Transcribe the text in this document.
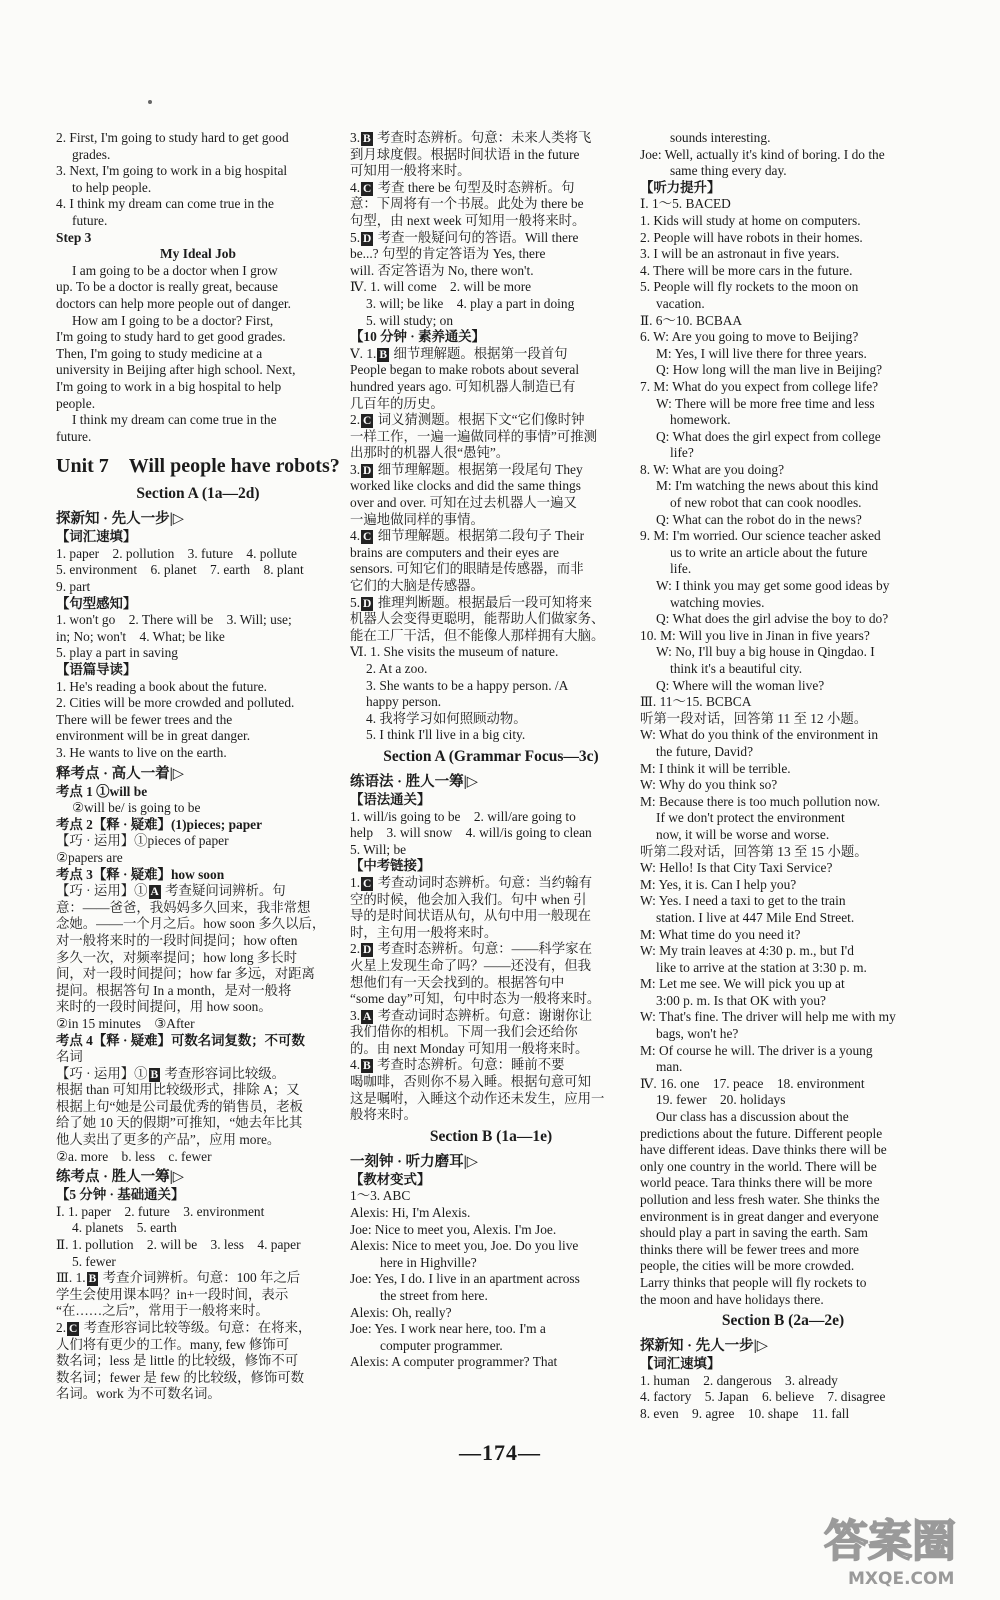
2. First, I'm going to study hard to get good
grades.
3. Next, I'm going to work in a big hospital
to help people.
4. I think my dream can come true in the
future.
Step 3
My Ideal Job
I am going to be a doctor when I grow
up. To be a doctor is really great, because
doctors can help more people out of danger.
How am I going to be a doctor? First,
I'm going to study hard to get good grades.
Then, I'm going to study medicine at a
university in Beijing after high school. Next,
I'm going to work in a big hospital to help
people.
I think my dream can come true in the
future.
Unit 7　Will people have robots?
Section A (1a—2d)
探新知 · 先人一步|▷
【词汇速填】
1. paper　2. pollution　3. future　4. pollute
5. environment　6. planet　7. earth　8. plant
9. part
【句型感知】
1. won't go　2. There will be　3. Will; use;
in; No; won't　4. What; be like
5. play a part in saving
【语篇导读】
1. He's reading a book about the future.
2. Cities will be more crowded and polluted.
There will be fewer trees and the
environment will be in great danger.
3. He wants to live on the earth.
释考点 · 高人一着|▷
考点 1 ①will be
②will be/ is going to be
考点 2【释 · 疑难】(1)pieces; paper
【巧 · 运用】①pieces of paper
②papers are
考点 3【释 · 疑难】how soon
【巧 · 运用】① A 考查疑问词辨析。句
意：——爸爸，我妈妈多久回来，我非常想
念她。——一个月之后。how soon 多久以后，
对一般将来时的一段时间提问；how often
多久一次，对频率提问；how long 多长时
间，对一段时间提问；how far 多远，对距离
提问。根据答句 In a month，是对一般将
来时的一段时间提问，用 how soon。
②in 15 minutes　③After
考点 4【释 · 疑难】可数名词复数；不可数
名词
【巧 · 运用】① B 考查形容词比较级。
根据 than 可知用比较级形式，排除 A；又
根据上句“她是公司最优秀的销售员，老板
给了她 10 天的假期”可推知，“她去年比其
他人卖出了更多的产品”，应用 more。
②a. more　b. less　c. fewer
练考点 · 胜人一筹|▷
【5 分钟 · 基础通关】
Ⅰ. 1. paper　2. future　3. environment
4. planets　5. earth
Ⅱ. 1. pollution　2. will be　3. less　4. paper
5. fewer
Ⅲ. 1. B 考查介词辨析。句意：100 年之后
学生会使用课本吗？in+一段时间，表示
“在……之后”，常用于一般将来时。
2. C 考查形容词比较等级。句意：在将来，
人们将有更少的工作。many, few 修饰可
数名词；less 是 little 的比较级，修饰不可
数名词；fewer 是 few 的比较级，修饰可数
名词。work 为不可数名词。
3. B 考查时态辨析。句意：未来人类将飞
到月球度假。根据时间状语 in the future
可知用一般将来时。
4. C 考查 there be 句型及时态辨析。句
意：下周将有一个书展。此处为 there be
句型，由 next week 可知用一般将来时。
5. D 考查一般疑问句的答语。Will there
be...? 句型的肯定答语为 Yes, there
will. 否定答语为 No, there won't.
Ⅳ. 1. will come　2. will be more
3. will; be like　4. play a part in doing
5. will study; on
【10 分钟 · 素养通关】
Ⅴ. 1. B 细节理解题。根据第一段首句
People began to make robots about several
hundred years ago. 可知机器人制造已有
几百年的历史。
2. C 词义猜测题。根据下文“它们像时钟
一样工作，一遍一遍做同样的事情”可推测
出那时的机器人很“愚钝”。
3. D 细节理解题。根据第一段尾句 They
worked like clocks and did the same things
over and over. 可知在过去机器人一遍又
一遍地做同样的事情。
4. C 细节理解题。根据第二段句子 Their
brains are computers and their eyes are
sensors. 可知它们的眼睛是传感器，而非
它们的大脑是传感器。
5. D 推理判断题。根据最后一段可知将来
机器人会变得更聪明，能帮助人们做家务、
能在工厂干活，但不能像人那样拥有大脑。
Ⅵ. 1. She visits the museum of nature.
2. At a zoo.
3. She wants to be a happy person. /A
happy person.
4. 我将学习如何照顾动物。
5. I think I'll live in a big city.
Section A (Grammar Focus—3c)
练语法 · 胜人一筹|▷
【语法通关】
1. will/is going to be　2. will/are going to
help　3. will snow　4. will/is going to clean
5. Will; be
【中考链接】
1. C 考查动词时态辨析。句意：当约翰有
空的时候，他会加入我们。句中 when 引
导的是时间状语从句，从句中用一般现在
时，主句用一般将来时。
2. D 考查时态辨析。句意：——科学家在
火星上发现生命了吗？——还没有，但我
想他们有一天会找到的。根据答句中
“some day”可知，句中时态为一般将来时。
3. A 考查动词时态辨析。句意：谢谢你让
我们借你的相机。下周一我们会还给你
的。由 next Monday 可知用一般将来时。
4. B 考查时态辨析。句意：睡前不要
喝咖啡，否则你不易入睡。根据句意可知
这是嘱咐，入睡这个动作还未发生，应用一
般将来时。
Section B (1a—1e)
一刻钟 · 听力磨耳|▷
【教材变式】
1～3. ABC
Alexis: Hi, I'm Alexis.
Joe: Nice to meet you, Alexis. I'm Joe.
Alexis: Nice to meet you, Joe. Do you live
here in Highville?
Joe: Yes, I do. I live in an apartment across
the street from here.
Alexis: Oh, really?
Joe: Yes. I work near here, too. I'm a
computer programmer.
Alexis: A computer programmer? That
sounds interesting.
Joe: Well, actually it's kind of boring. I do the
same thing every day.
【听力提升】
Ⅰ. 1～5. BACED
1. Kids will study at home on computers.
2. People will have robots in their homes.
3. I will be an astronaut in five years.
4. There will be more cars in the future.
5. People will fly rockets to the moon on
vacation.
Ⅱ. 6～10. BCBAA
6. W: Are you going to move to Beijing?
M: Yes, I will live there for three years.
Q: How long will the man live in Beijing?
7. M: What do you expect from college life?
W: There will be more free time and less
homework.
Q: What does the girl expect from college
life?
8. W: What are you doing?
M: I'm watching the news about this kind
of new robot that can cook noodles.
Q: What can the robot do in the news?
9. M: I'm worried. Our science teacher asked
us to write an article about the future
life.
W: I think you may get some good ideas by
watching movies.
Q: What does the girl advise the boy to do?
10. M: Will you live in Jinan in five years?
W: No, I'll buy a big house in Qingdao. I
think it's a beautiful city.
Q: Where will the woman live?
Ⅲ. 11～15. BCBCA
听第一段对话，回答第 11 至 12 小题。
W: What do you think of the environment in
the future, David?
M: I think it will be terrible.
W: Why do you think so?
M: Because there is too much pollution now.
If we don't protect the environment
now, it will be worse and worse.
听第二段对话，回答第 13 至 15 小题。
W: Hello! Is that City Taxi Service?
M: Yes, it is. Can I help you?
W: Yes. I need a taxi to get to the train
station. I live at 447 Mile End Street.
M: What time do you need it?
W: My train leaves at 4:30 p. m., but I'd
like to arrive at the station at 3:30 p. m.
M: Let me see. We will pick you up at
3:00 p. m. Is that OK with you?
W: That's fine. The driver will help me with my
bags, won't he?
M: Of course he will. The driver is a young
man.
Ⅳ. 16. one　17. peace　18. environment
19. fewer　20. holidays
Our class has a discussion about the
predictions about the future. Different people
have different ideas. Dave thinks there will be
only one country in the world. There will be
world peace. Tara thinks there will be more
pollution and less fresh water. She thinks the
environment is in great danger and everyone
should play a part in saving the earth. Sam
thinks there will be fewer trees and more
people, the cities will be more crowded.
Larry thinks that people will fly rockets to
the moon and have holidays there.
Section B (2a—2e)
探新知 · 先人一步|▷
【词汇速填】
1. human　2. dangerous　3. already
4. factory　5. Japan　6. believe　7. disagree
8. even　9. agree　10. shape　11. fall
—174—
答案圈
MXQE.COM
